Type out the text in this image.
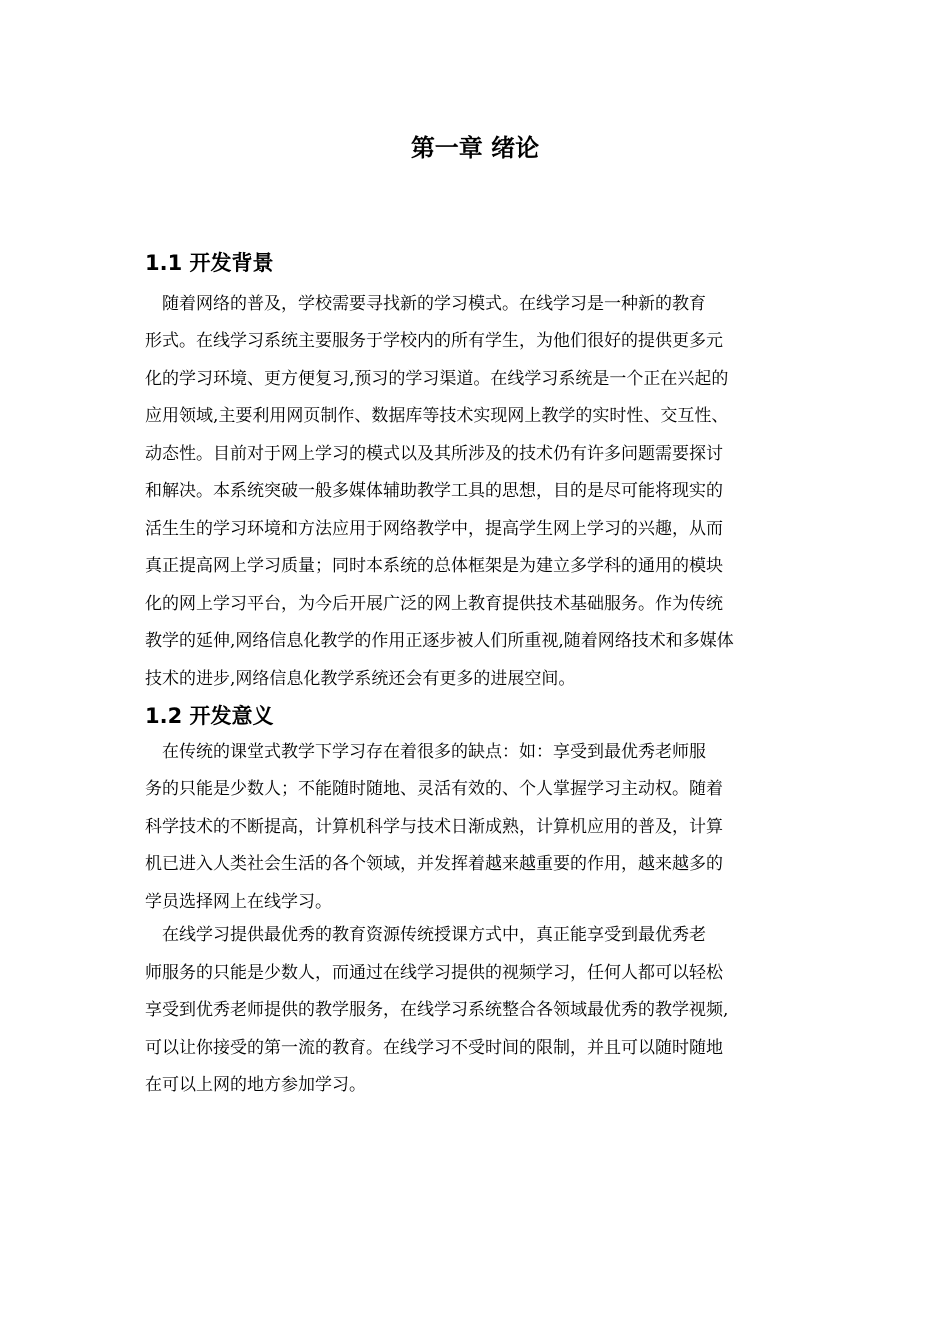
第一章 绪论
1.1 开发背景
　随着网络的普及，学校需要寻找新的学习模式。在线学习是一种新的教育
形式。在线学习系统主要服务于学校内的所有学生，为他们很好的提供更多元
化的学习环境、更方便复习,预习的学习渠道。在线学习系统是一个正在兴起的
应用领域,主要利用网页制作、数据库等技术实现网上教学的实时性、交互性、
动态性。目前对于网上学习的模式以及其所涉及的技术仍有许多问题需要探讨
和解决。本系统突破一般多媒体辅助教学工具的思想，目的是尽可能将现实的
活生生的学习环境和方法应用于网络教学中，提高学生网上学习的兴趣，从而
真正提高网上学习质量；同时本系统的总体框架是为建立多学科的通用的模块
化的网上学习平台，为今后开展广泛的网上教育提供技术基础服务。作为传统
教学的延伸,网络信息化教学的作用正逐步被人们所重视,随着网络技术和多媒体
技术的进步,网络信息化教学系统还会有更多的进展空间。
1.2 开发意义
　在传统的课堂式教学下学习存在着很多的缺点：如：享受到最优秀老师服
务的只能是少数人；不能随时随地、灵活有效的、个人掌握学习主动权。随着
科学技术的不断提高，计算机科学与技术日渐成熟，计算机应用的普及，计算
机已进入人类社会生活的各个领域，并发挥着越来越重要的作用，越来越多的
学员选择网上在线学习。
　在线学习提供最优秀的教育资源传统授课方式中，真正能享受到最优秀老
师服务的只能是少数人，而通过在线学习提供的视频学习，任何人都可以轻松
享受到优秀老师提供的教学服务，在线学习系统整合各领域最优秀的教学视频,
可以让你接受的第一流的教育。在线学习不受时间的限制，并且可以随时随地
在可以上网的地方参加学习。
